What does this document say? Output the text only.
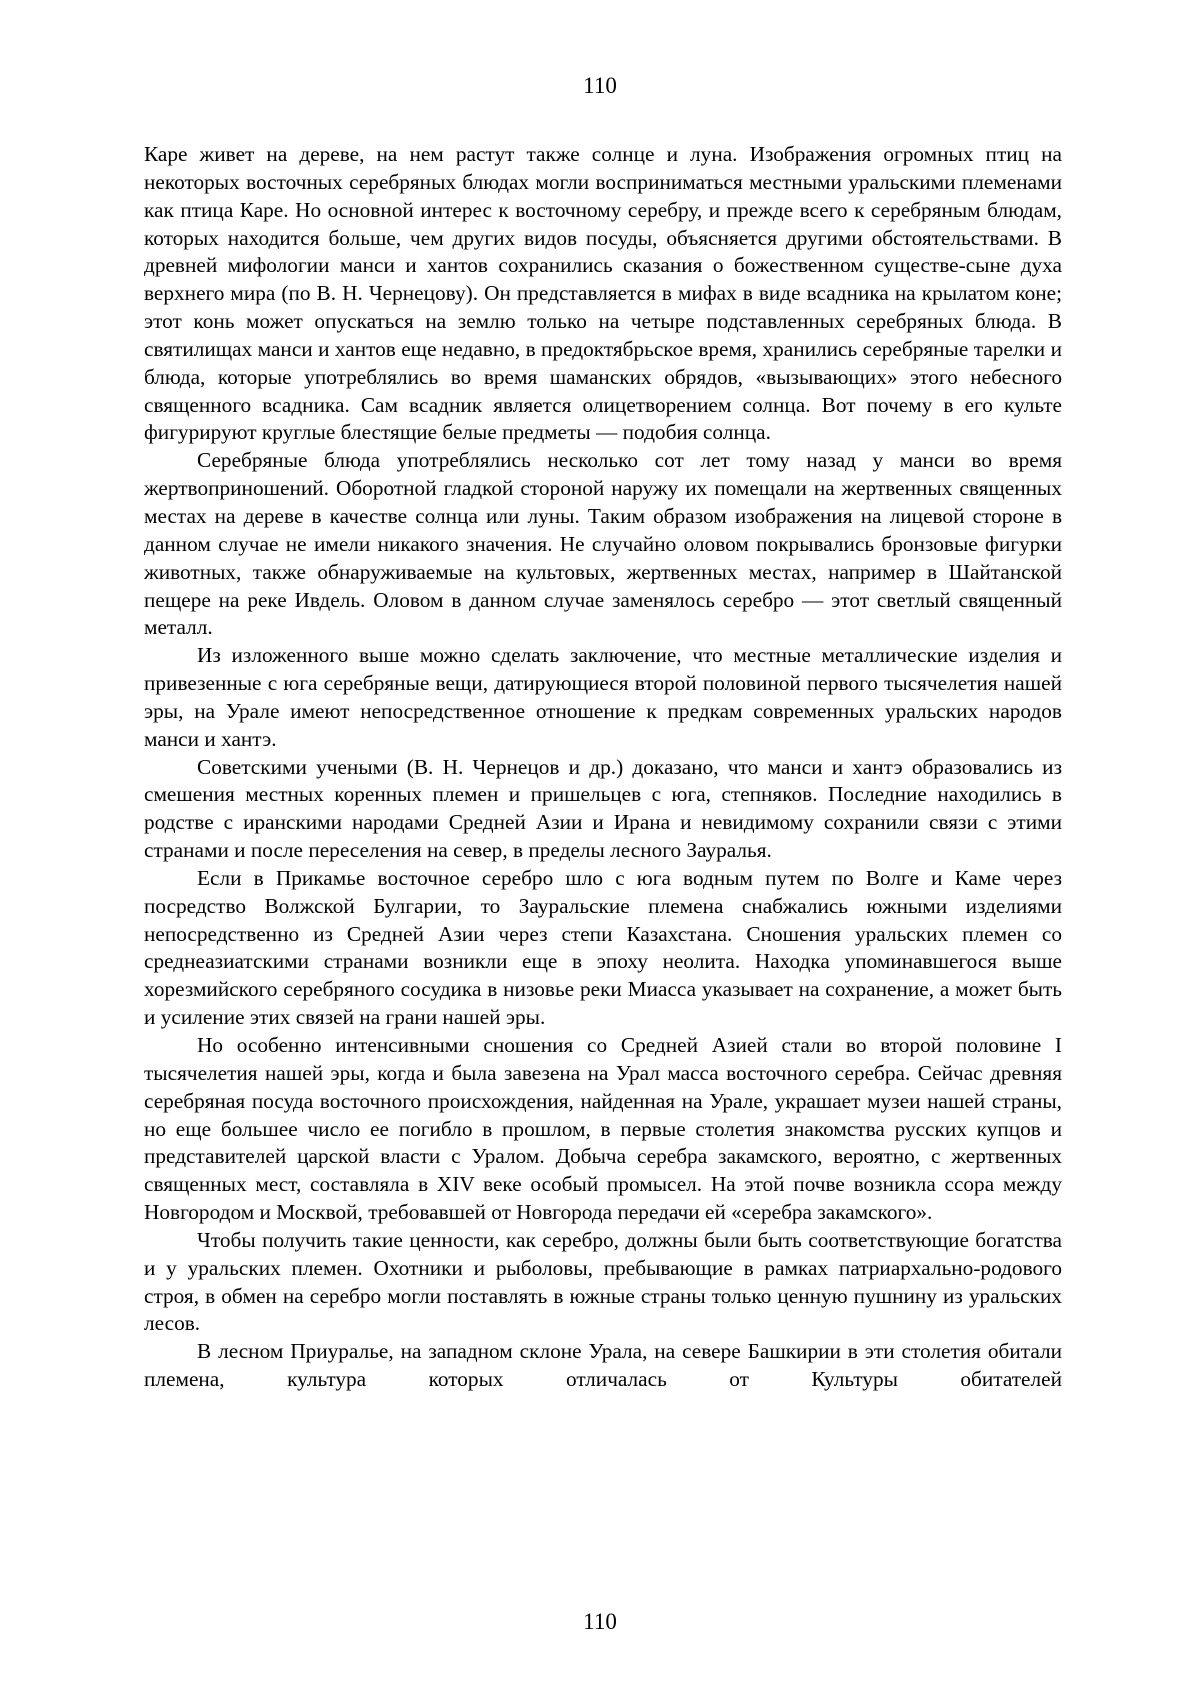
110

Каре живет на дереве, на нем растут также солнце и луна. Изображения огромных птиц на некоторых восточных серебряных блюдах могли восприниматься местными уральскими племенами как птица Каре. Но основной интерес к восточному серебру, и прежде всего к серебряным блюдам, которых находится больше, чем других видов посуды, объясняется другими обстоятельствами. В древней мифологии манси и хантов сохранились сказания о божественном существе-сыне духа верхнего мира (по В. Н. Чернецову). Он представляется в мифах в виде всадника на крылатом коне; этот конь может опускаться на землю только на четыре подставленных серебряных блюда. В святилищах манси и хантов еще недавно, в предоктябрьское время, хранились серебряные тарелки и блюда, которые употреблялись во время шаманских обрядов, «вызывающих» этого небесного священного всадника. Сам всадник является олицетворением солнца. Вот почему в его культе фигурируют круглые блестящие белые предметы — подобия солнца.

Серебряные блюда употреблялись несколько сот лет тому назад у манси во время жертвоприношений. Оборотной гладкой стороной наружу их помещали на жертвенных священных местах на дереве в качестве солнца или луны. Таким образом изображения на лицевой стороне в данном случае не имели никакого значения. Не случайно оловом покрывались бронзовые фигурки животных, также обнаруживаемые на культовых, жертвенных местах, например в Шайтанской пещере на реке Ивдель. Оловом в данном случае заменялось серебро — этот светлый священный металл.

Из изложенного выше можно сделать заключение, что местные металлические изделия и привезенные с юга серебряные вещи, датирующиеся второй половиной первого тысячелетия нашей эры, на Урале имеют непосредственное отношение к предкам современных уральских народов манси и хантэ.

Советскими учеными (В. Н. Чернецов и др.) доказано, что манси и хантэ образовались из смешения местных коренных племен и пришельцев с юга, степняков. Последние находились в родстве с иранскими народами Средней Азии и Ирана и невидимому сохранили связи с этими странами и после переселения на север, в пределы лесного Зауралья.

Если в Прикамье восточное серебро шло с юга водным путем по Волге и Каме через посредство Волжской Булгарии, то Зауральские племена снабжались южными изделиями непосредственно из Средней Азии через степи Казахстана. Сношения уральских племен со среднеазиатскими странами возникли еще в эпоху неолита. Находка упоминавшегося выше хорезмийского серебряного сосудика в низовье реки Миасса указывает на сохранение, а может быть и усиление этих связей на грани нашей эры.

Но особенно интенсивными сношения со Средней Азией стали во второй половине I тысячелетия нашей эры, когда и была завезена на Урал масса восточного серебра. Сейчас древняя серебряная посуда восточного происхождения, найденная на Урале, украшает музеи нашей страны, но еще большее число ее погибло в прошлом, в первые столетия знакомства русских купцов и представителей царской власти с Уралом. Добыча серебра закамского, вероятно, с жертвенных священных мест, составляла в XIV веке особый промысел. На этой почве возникла ссора между Новгородом и Москвой, требовавшей от Новгорода передачи ей «серебра закамского».

Чтобы получить такие ценности, как серебро, должны были быть соответствующие богатства и у уральских племен. Охотники и рыболовы, пребывающие в рамках патриархально-родового строя, в обмен на серебро могли поставлять в южные страны только ценную пушнину из уральских лесов.

В лесном Приуралье, на западном склоне Урала, на севере Башкирии в эти столетия обитали племена, культура которых отличалась от Культуры обитателей

110
